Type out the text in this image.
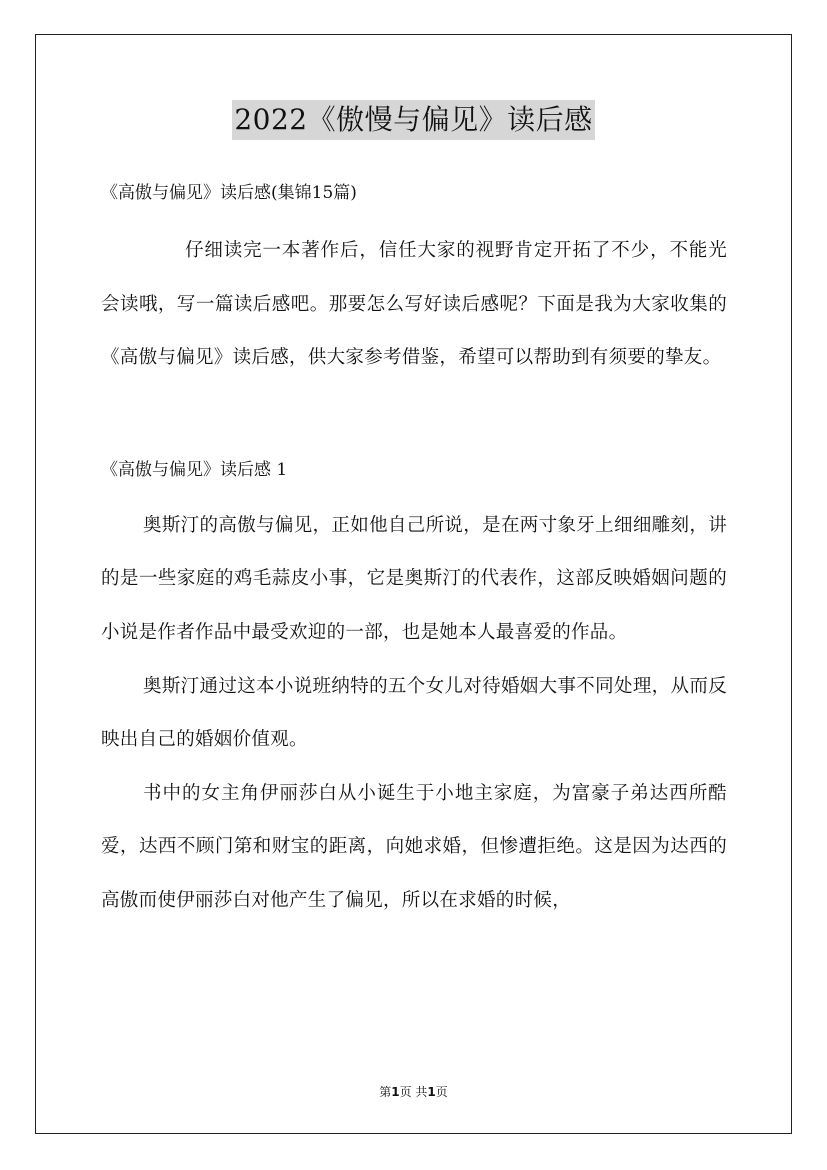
2022《傲慢与偏见》读后感

《高傲与偏见》读后感(集锦15篇)

仔细读完一本著作后，信任大家的视野肯定开拓了不少，不能光会读哦，写一篇读后感吧。那要怎么写好读后感呢？下面是我为大家收集的《高傲与偏见》读后感，供大家参考借鉴，希望可以帮助到有须要的挚友。

《高傲与偏见》读后感 1

奥斯汀的高傲与偏见，正如他自己所说，是在两寸象牙上细细雕刻，讲的是一些家庭的鸡毛蒜皮小事，它是奥斯汀的代表作，这部反映婚姻问题的小说是作者作品中最受欢迎的一部，也是她本人最喜爱的作品。

奥斯汀通过这本小说班纳特的五个女儿对待婚姻大事不同处理，从而反映出自己的婚姻价值观。

书中的女主角伊丽莎白从小诞生于小地主家庭，为富豪子弟达西所酷爱，达西不顾门第和财宝的距离，向她求婚，但惨遭拒绝。这是因为达西的高傲而使伊丽莎白对他产生了偏见，所以在求婚的时候，

第1页 共1页
